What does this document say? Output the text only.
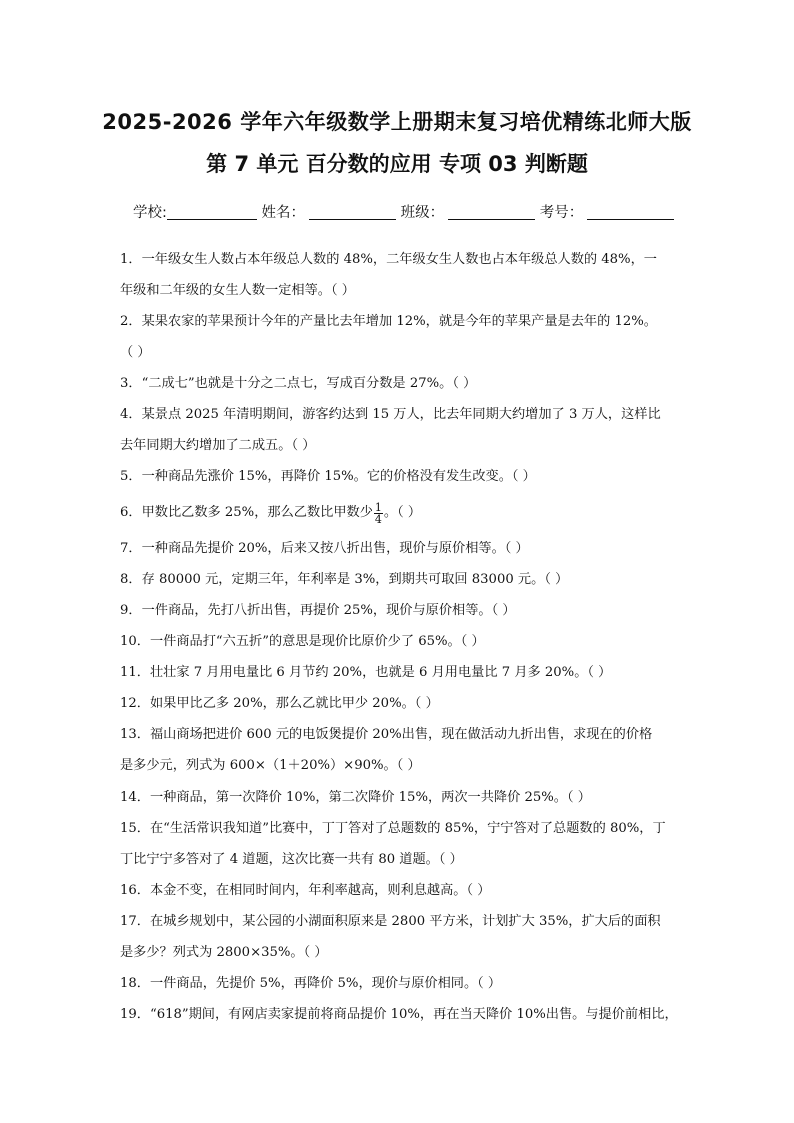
2025-2026 学年六年级数学上册期末复习培优精练北师大版
第 7 单元 百分数的应用 专项 03 判断题
学校:	姓名：	班级：	考号：
1．一年级女生人数占本年级总人数的 48%，二年级女生人数也占本年级总人数的 48%，一
年级和二年级的女生人数一定相等。（ ）
2．某果农家的苹果预计今年的产量比去年增加 12%，就是今年的苹果产量是去年的 12%。
（ ）
3．“二成七”也就是十分之二点七，写成百分数是 27%。（ ）
4．某景点 2025 年清明期间，游客约达到 15 万人，比去年同期大约增加了 3 万人，这样比
去年同期大约增加了二成五。（ ）
5．一种商品先涨价 15%，再降价 15%。它的价格没有发生改变。（ ）
6．甲数比乙数多 25%，那么乙数比甲数少 $\frac{1}{4}$ 。（ ）
7．一种商品先提价 20%，后来又按八折出售，现价与原价相等。（ ）
8．存 80000 元，定期三年，年利率是 3%，到期共可取回 83000 元。（ ）
9．一件商品，先打八折出售，再提价 25%，现价与原价相等。（ ）
10．一件商品打“六五折”的意思是现价比原价少了 65%。（ ）
11．壮壮家 7 月用电量比 6 月节约 20%，也就是 6 月用电量比 7 月多 20%。（ ）
12．如果甲比乙多 20%，那么乙就比甲少 20%。（ ）
13．福山商场把进价 600 元的电饭煲提价 20%出售，现在做活动九折出售，求现在的价格
是多少元，列式为 600×（1＋20%）×90%。（ ）
14．一种商品，第一次降价 10%，第二次降价 15%，两次一共降价 25%。（ ）
15．在“生活常识我知道”比赛中，丁丁答对了总题数的 85%，宁宁答对了总题数的 80%，丁
丁比宁宁多答对了 4 道题，这次比赛一共有 80 道题。（ ）
16．本金不变，在相同时间内，年利率越高，则利息越高。（ ）
17．在城乡规划中，某公园的小湖面积原来是 2800 平方米，计划扩大 35%，扩大后的面积
是多少？列式为 2800×35%。（ ）
18．一件商品，先提价 5%，再降价 5%，现价与原价相同。（ ）
19．“618”期间，有网店卖家提前将商品提价 10%，再在当天降价 10%出售。与提价前相比，
